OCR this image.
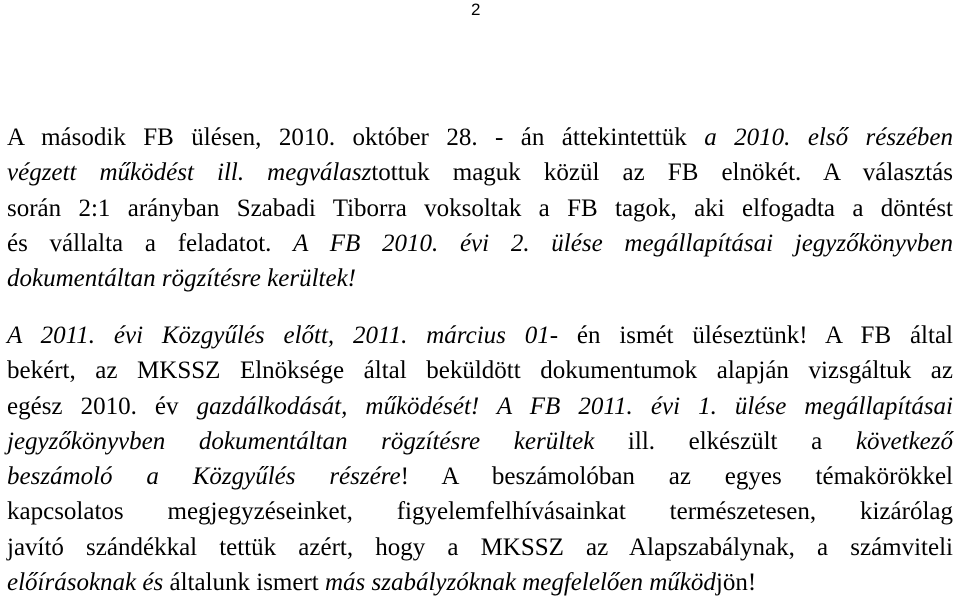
2
A második FB ülésen, 2010. október 28. - án áttekintettük a 2010. első részében
végzett működést ill. megválasztottuk maguk közül az FB elnökét. A választás
során 2:1 arányban Szabadi Tiborra voksoltak a FB tagok, aki elfogadta a döntést
és vállalta a feladatot. A FB 2010. évi 2. ülése megállapításai jegyzőkönyvben
dokumentáltan rögzítésre kerültek!
A 2011. évi Közgyűlés előtt, 2011. március 01- én ismét üléseztünk! A FB által
bekért, az MKSSZ Elnöksége által beküldött dokumentumok alapján vizsgáltuk az
egész 2010. év gazdálkodását, működését! A FB 2011. évi 1. ülése megállapításai
jegyzőkönyvben dokumentáltan rögzítésre kerültek ill. elkészült a következő
beszámoló a Közgyűlés részére! A beszámolóban az egyes témakörökkel
kapcsolatos megjegyzéseinket, figyelemfelhívásainkat természetesen, kizárólag
javító szándékkal tettük azért, hogy a MKSSZ az Alapszabálynak, a számviteli
előírásoknak és általunk ismert más szabályzóknak megfelelően működjön!
